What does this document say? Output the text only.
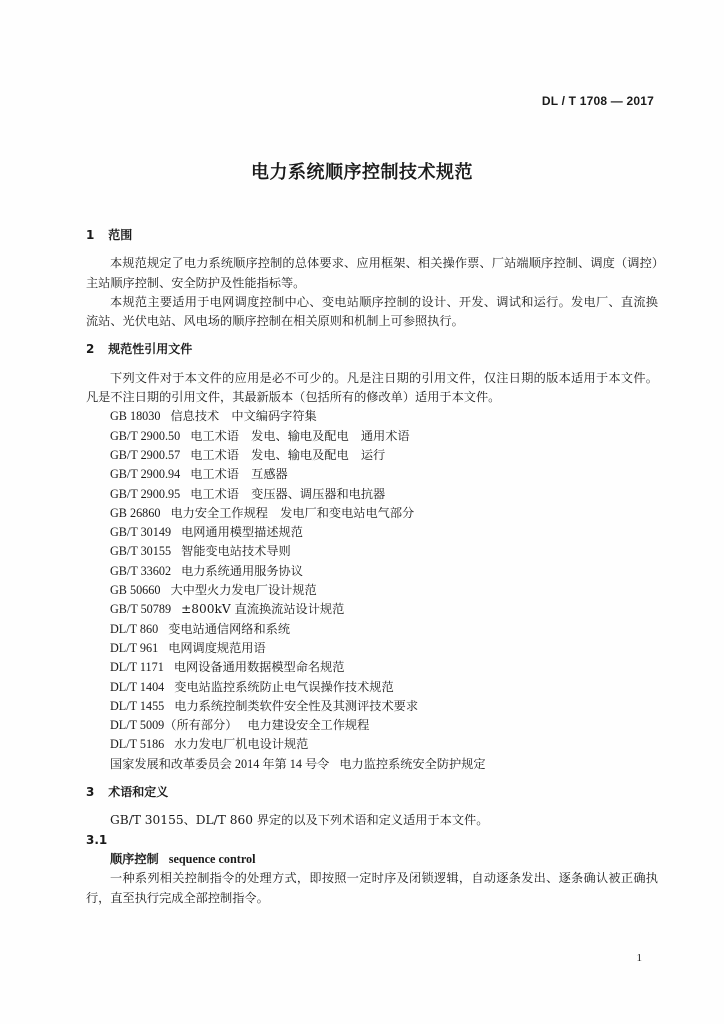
DL / T 1708 — 2017
电力系统顺序控制技术规范
1 范围

本规范规定了电力系统顺序控制的总体要求、应用框架、相关操作票、厂站端顺序控制、调度（调控）主站顺序控制、安全防护及性能指标等。

本规范主要适用于电网调度控制中心、变电站顺序控制的设计、开发、调试和运行。发电厂、直流换流站、光伏电站、风电场的顺序控制在相关原则和机制上可参照执行。

2 规范性引用文件

下列文件对于本文件的应用是必不可少的。凡是注日期的引用文件，仅注日期的版本适用于本文件。凡是不注日期的引用文件，其最新版本（包括所有的修改单）适用于本文件。

GB 18030 信息技术　中文编码字符集
GB/T 2900.50 电工术语　发电、输电及配电　通用术语
GB/T 2900.57 电工术语　发电、输电及配电　运行
GB/T 2900.94 电工术语　互感器
GB/T 2900.95 电工术语　变压器、调压器和电抗器
GB 26860 电力安全工作规程　发电厂和变电站电气部分
GB/T 30149 电网通用模型描述规范
GB/T 30155 智能变电站技术导则
GB/T 33602 电力系统通用服务协议
GB 50660 大中型火力发电厂设计规范
GB/T 50789 ±800kV 直流换流站设计规范
DL/T 860 变电站通信网络和系统
DL/T 961 电网调度规范用语
DL/T 1171 电网设备通用数据模型命名规范
DL/T 1404 变电站监控系统防止电气误操作技术规范
DL/T 1455 电力系统控制类软件安全性及其测评技术要求
DL/T 5009（所有部分） 电力建设安全工作规程
DL/T 5186 水力发电厂机电设计规范
国家发展和改革委员会 2014 年第 14 号令 电力监控系统安全防护规定
3 术语和定义

GB/T 30155、DL/T 860 界定的以及下列术语和定义适用于本文件。

3.1
顺序控制 sequence control

一种系列相关控制指令的处理方式，即按照一定时序及闭锁逻辑，自动逐条发出、逐条确认被正确执行，直至执行完成全部控制指令。

1
